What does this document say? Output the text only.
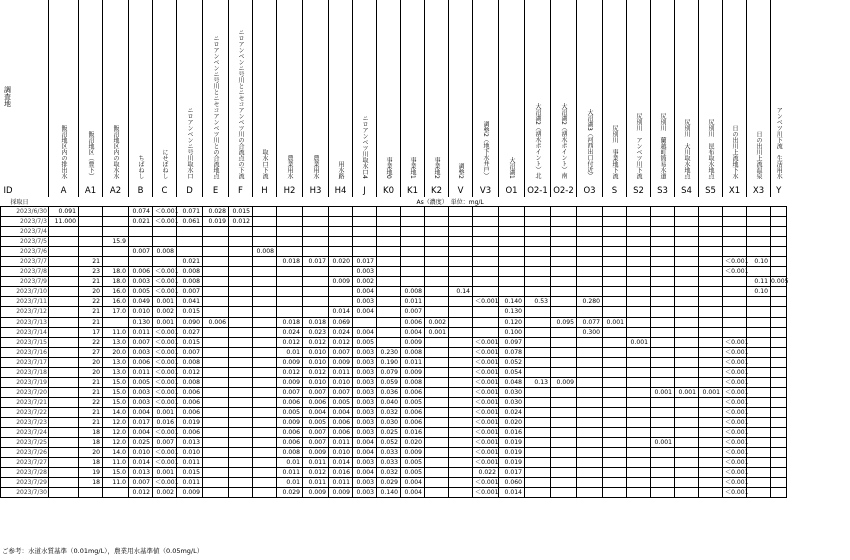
調査地	飯沼地区内の排出水	飯沼地区（豊下）	飯沼地区内の取水水	ちばねし	にせぼねし	ニロアンベンニ号川取水口	ニロアンベンニ号川とニセコアンベツ川との合流地点	ニロアンベンニ号川とニセコアンベツ川の合流点の下流	取水口下流	農業用水	農業用水	用水路	ニロアンベツ川取水口4	事業地0	事業地1	事業地2	調整2	調整2（地下水井戸）	大沼湖1	大沼湖2（湧水ポイント）北	大沼湖2（湧水ポイント）南	大沼湖3（河西出口付近）	尻別川　事業地下流	尻別川　アンベツ川下流	尻別川　蘭越町簡易水道	尻別川　大川取水地点	尻別川　昆布取水地点	日の出川上流地下水	日の出川上流温泉	アンベツ川下流　生活用水
ID	A	A1	A2	B	C	D	E	F	H	H2	H3	H4	J	K0	K1	K2	V	V3	O1	O2-1	O2-2	O3	S	S2	S3	S4	S5	X1	X3	Y
採取日														As（濃度）　単位：mg/L																
2023/6/30	0.091			0.074	＜0.001	0.071	0.028	0.015																						
2023/7/3	11.000			0.021	＜0.001	0.061	0.019	0.012																						
2023/7/4																														
2023/7/5			15.9																											
2023/7/6				0.007	0.008				0.008																					
2023/7/7		21				0.021				0.018	0.017	0.020	0.017															＜0.001	0.10	
2023/7/8		23	18.0	0.006	＜0.001	0.008							0.003															＜0.001		
2023/7/9		21	18.0	0.003	＜0.001	0.008						0.009	0.002																0.11	0.005
2023/7/10		20	16.0	0.005	＜0.001	0.007							0.004		0.008		0.14												0.10	
2023/7/11		22	16.0	0.049	0.001	0.041							0.003		0.011			＜0.001	0.140	0.53		0.280								
2023/7/12		21	17.0	0.010	0.002	0.015						0.014	0.004		0.007				0.130											
2023/7/13		21		0.130	0.001	0.090	0.006			0.018	0.018	0.069			0.006	0.002			0.120		0.095	0.077	0.001							
2023/7/14		17	11.0	0.011	＜0.001	0.027				0.024	0.023	0.024	0.004		0.004	0.001			0.100			0.300								
2023/7/15		22	13.0	0.007	＜0.001	0.015				0.012	0.012	0.012	0.005		0.009			＜0.001	0.097					0.001				＜0.001		
2023/7/16		27	20.0	0.003	＜0.001	0.007				0.01	0.010	0.007	0.003	0.230	0.008			＜0.001	0.078									＜0.001		
2023/7/17		20	13.0	0.006	＜0.001	0.008				0.009	0.010	0.009	0.003	0.190	0.011			＜0.001	0.052									＜0.001		
2023/7/18		20	13.0	0.011	＜0.001	0.012				0.012	0.012	0.011	0.003	0.079	0.009			＜0.001	0.054									＜0.001		
2023/7/19		21	15.0	0.005	＜0.001	0.008				0.009	0.010	0.010	0.003	0.059	0.008			＜0.001	0.048	0.13	0.009							＜0.001		
2023/7/20		21	15.0	0.003	＜0.001	0.006				0.007	0.007	0.007	0.003	0.036	0.006			＜0.001	0.030						0.001	0.001	0.001	＜0.001		
2023/7/21		22	15.0	0.003	＜0.001	0.006				0.006	0.006	0.005	0.003	0.040	0.005			＜0.001	0.030									＜0.001		
2023/7/22		21	14.0	0.004	0.001	0.006				0.005	0.004	0.004	0.003	0.032	0.006			＜0.001	0.024									＜0.001		
2023/7/23		21	12.0	0.017	0.016	0.019				0.009	0.005	0.006	0.003	0.030	0.006			＜0.001	0.020									＜0.001		
2023/7/24		18	12.0	0.004	＜0.001	0.006				0.006	0.007	0.006	0.003	0.025	0.016			＜0.001	0.016									＜0.001		
2023/7/25		18	12.0	0.025	0.007	0.013				0.006	0.007	0.011	0.004	0.052	0.020			＜0.001	0.019						0.001			＜0.001		
2023/7/26		20	14.0	0.010	＜0.001	0.010				0.008	0.009	0.010	0.004	0.033	0.009			＜0.001	0.019									＜0.001		
2023/7/27		18	11.0	0.014	＜0.001	0.011				0.01	0.011	0.014	0.003	0.033	0.005			＜0.001	0.019									＜0.001		
2023/7/28		19	15.0	0.013	0.001	0.015				0.011	0.012	0.016	0.004	0.032	0.005			0.022	0.017									＜0.001		
2023/7/29		18	11.0	0.007	＜0.001	0.011				0.01	0.011	0.011	0.003	0.029	0.004			＜0.001	0.060									＜0.001		
2023/7/30				0.012	0.002	0.009				0.029	0.009	0.009	0.003	0.140	0.004			＜0.001	0.014									＜0.001		
ご参考：水道水質基準（0.01mg/L），農業用水基準値（0.05mg/L）
